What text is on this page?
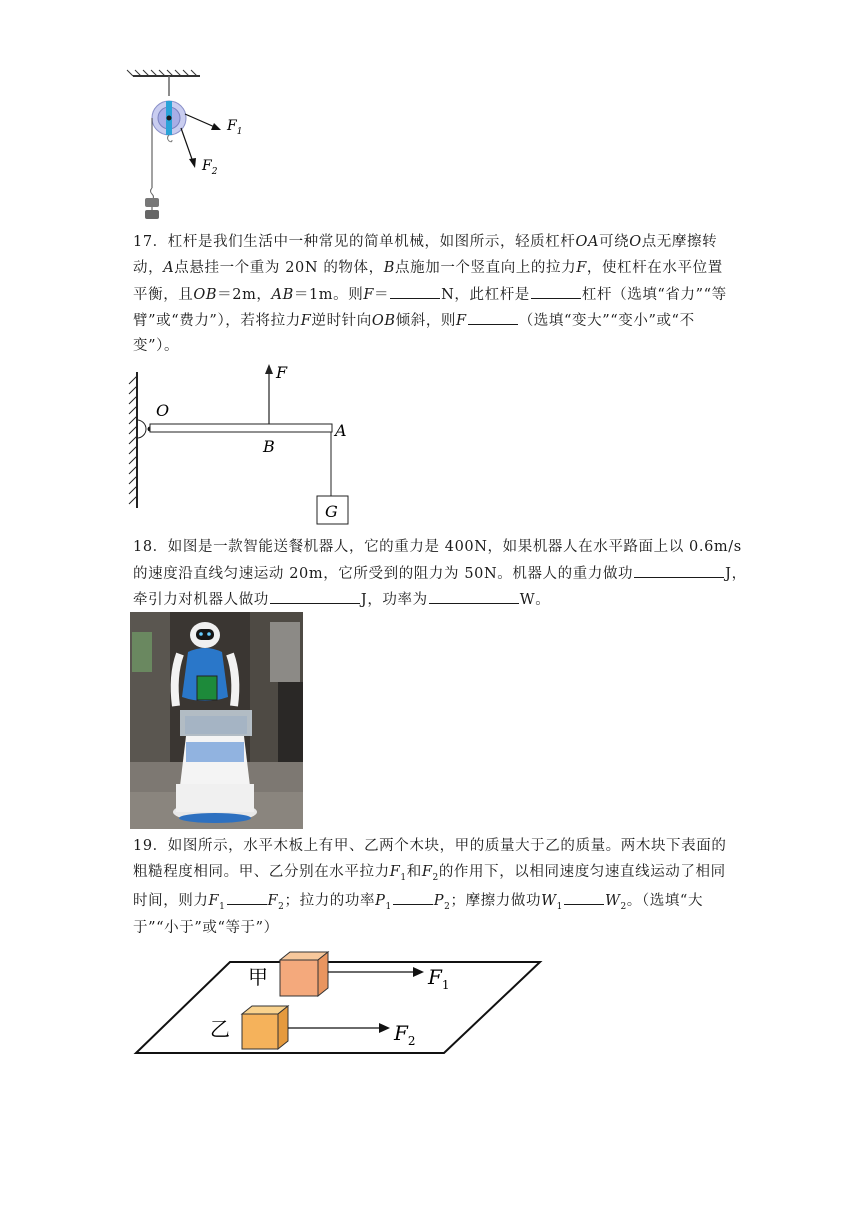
$F_1$
$F_2$
17．杠杆是我们生活中一种常见的简单机械，如图所示，轻质杠杆OA可绕O点无摩擦转
动，A点悬挂一个重为 20N 的物体，B点施加一个竖直向上的拉力F，使杠杆在水平位置
平衡，且OB＝2m，AB＝1m。则F＝	N，此杠杆是	杠杆（选填“省力”“等
臂”或“费力”），若将拉力F逆时针向OB倾斜，则F	（选填“变大”“变小”或“不
变”）。
O
B
A
F
G
18．如图是一款智能送餐机器人，它的重力是 400N，如果机器人在水平路面上以 0.6m/s
的速度沿直线匀速运动 20m，它所受到的阻力为 50N。机器人的重力做功	J，
牵引力对机器人做功	J，功率为	W。
19．如图所示，水平木板上有甲、乙两个木块，甲的质量大于乙的质量。两木块下表面的
粗糙程度相同。甲、乙分别在水平拉力$F_1$和$F_2$的作用下，以相同速度匀速直线运动了相同
时间，则力$F_1$	$F_2$；拉力的功率$P_1$	$P_2$；摩擦力做功$W_1$	$W_2$。（选填“大
于”“小于”或“等于”）
甲
乙
$F_1$
$F_2$
